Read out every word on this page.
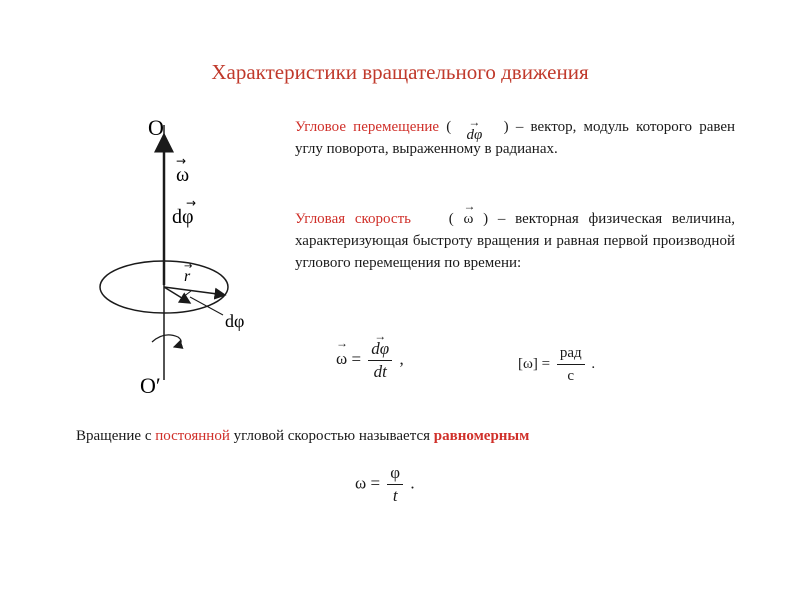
Характеристики вращательного движения
O
O′
ω
→
dφ
→
r
→
dφ
Угловое перемещение ( → dφ ) – вектор, модуль которого равен углу поворота, выраженному в радианах.
Угловая скорость	( → ω ) – векторная физическая величина, характеризующая быстроту вращения и равная первой производной углового перемещения по времени:
→ ω = → $\frac{d\varphi}{dt}$ ,	$[\omega] = \frac{\text{рад}}{с}$ .
Вращение с постоянной угловой скоростью называется равномерным
$\omega = \frac{\varphi}{t}$ .
